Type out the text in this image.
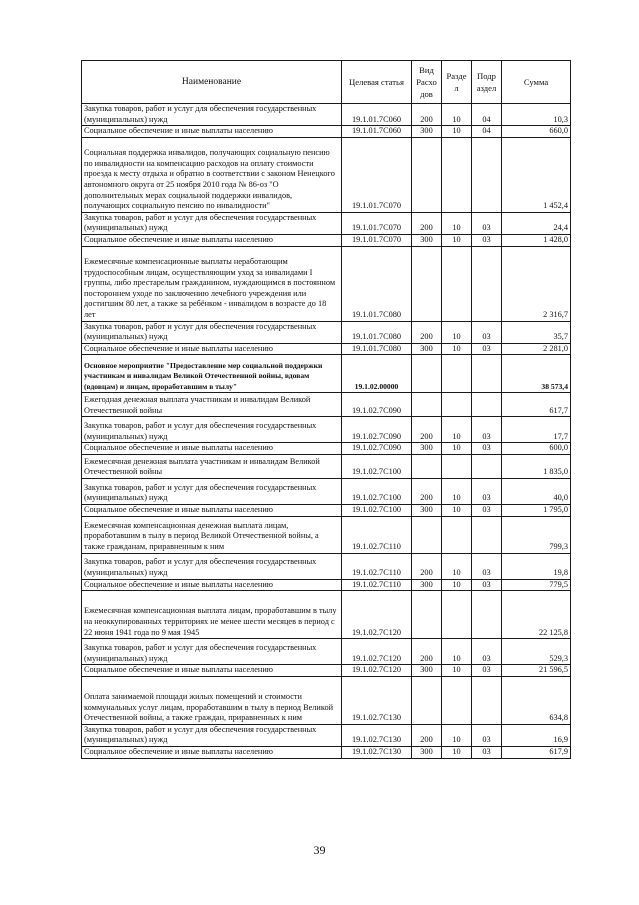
Наименование	Целевая статья	Вид Расхо дов	Разде л	Подр аздел	Сумма
Закупка товаров, работ и услуг для обеспечения государственных (муниципальных) нужд	19.1.01.7С060	200	10	04	10,3
Социальное обеспечение и иные выплаты населению	19.1.01.7С060	300	10	04	660,0
Социальная поддержка инвалидов, получающих социальную пенсию по инвалидности на компенсацию расходов на оплату стоимости проезда к месту отдыха и обратно в соответствии с законом Ненецкого автономного округа от 25 ноября 2010 года № 86-оз "О дополнительных мерах социальной поддержки инвалидов, получающих социальную пенсию по инвалидности"	19.1.01.7С070				1 452,4
Закупка товаров, работ и услуг для обеспечения государственных (муниципальных) нужд	19.1.01.7С070	200	10	03	24,4
Социальное обеспечение и иные выплаты населению	19.1.01.7С070	300	10	03	1 428,0
Ежемесячные компенсационные выплаты неработающим трудоспособным лицам, осуществляющим уход за инвалидами I группы, либо престарелым гражданином, нуждающимся в постоянном постороннем уходе по заключению лечебного учреждения или достигшим 80 лет, а также за ребёнком - инвалидом в возрасте до 18 лет	19.1.01.7С080				2 316,7
Закупка товаров, работ и услуг для обеспечения государственных (муниципальных) нужд	19.1.01.7С080	200	10	03	35,7
Социальное обеспечение и иные выплаты населению	19.1.01.7С080	300	10	03	2 281,0
Основное мероприятие "Предоставление мер социальной поддержки участникам и инвалидам Великой Отечественной войны, вдовам (вдовцам) и лицам, проработавшим в тылу"	19.1.02.00000				38 573,4
Ежегодная денежная выплата участникам и инвалидам Великой Отечественной войны	19.1.02.7С090				617,7
Закупка товаров, работ и услуг для обеспечения государственных (муниципальных) нужд	19.1.02.7С090	200	10	03	17,7
Социальное обеспечение и иные выплаты населению	19.1.02.7С090	300	10	03	600,0
Ежемесячная денежная выплата участникам и инвалидам Великой Отечественной войны	19.1.02.7С100				1 835,0
Закупка товаров, работ и услуг для обеспечения государственных (муниципальных) нужд	19.1.02.7С100	200	10	03	40,0
Социальное обеспечение и иные выплаты населению	19.1.02.7С100	300	10	03	1 795,0
Ежемесячная компенсационная денежная выплата лицам, проработавшим в тылу в период Великой Отечественной войны, а также гражданам, приравненным к ним	19.1.02.7С110				799,3
Закупка товаров, работ и услуг для обеспечения государственных (муниципальных) нужд	19.1.02.7С110	200	10	03	19,8
Социальное обеспечение и иные выплаты населению	19.1.02.7С110	300	10	03	779,5
Ежемесячная компенсационная выплата лицам, проработавшим в тылу на неоккупированных территориях не менее шести месяцев в период с 22 июня 1941 года по 9 мая 1945	19.1.02.7С120				22 125,8
Закупка товаров, работ и услуг для обеспечения государственных (муниципальных) нужд	19.1.02.7С120	200	10	03	529,3
Социальное обеспечение и иные выплаты населению	19.1.02.7С120	300	10	03	21 596,5
Оплата занимаемой площади жилых помещений и стоимости коммунальных услуг лицам, проработавшим в тылу в период Великой Отечественной войны, а также граждан, приравненных к ним	19.1.02.7С130				634,8
Закупка товаров, работ и услуг для обеспечения государственных (муниципальных) нужд	19.1.02.7С130	200	10	03	16,9
Социальное обеспечение и иные выплаты населению	19.1.02.7С130	300	10	03	617,9
39
